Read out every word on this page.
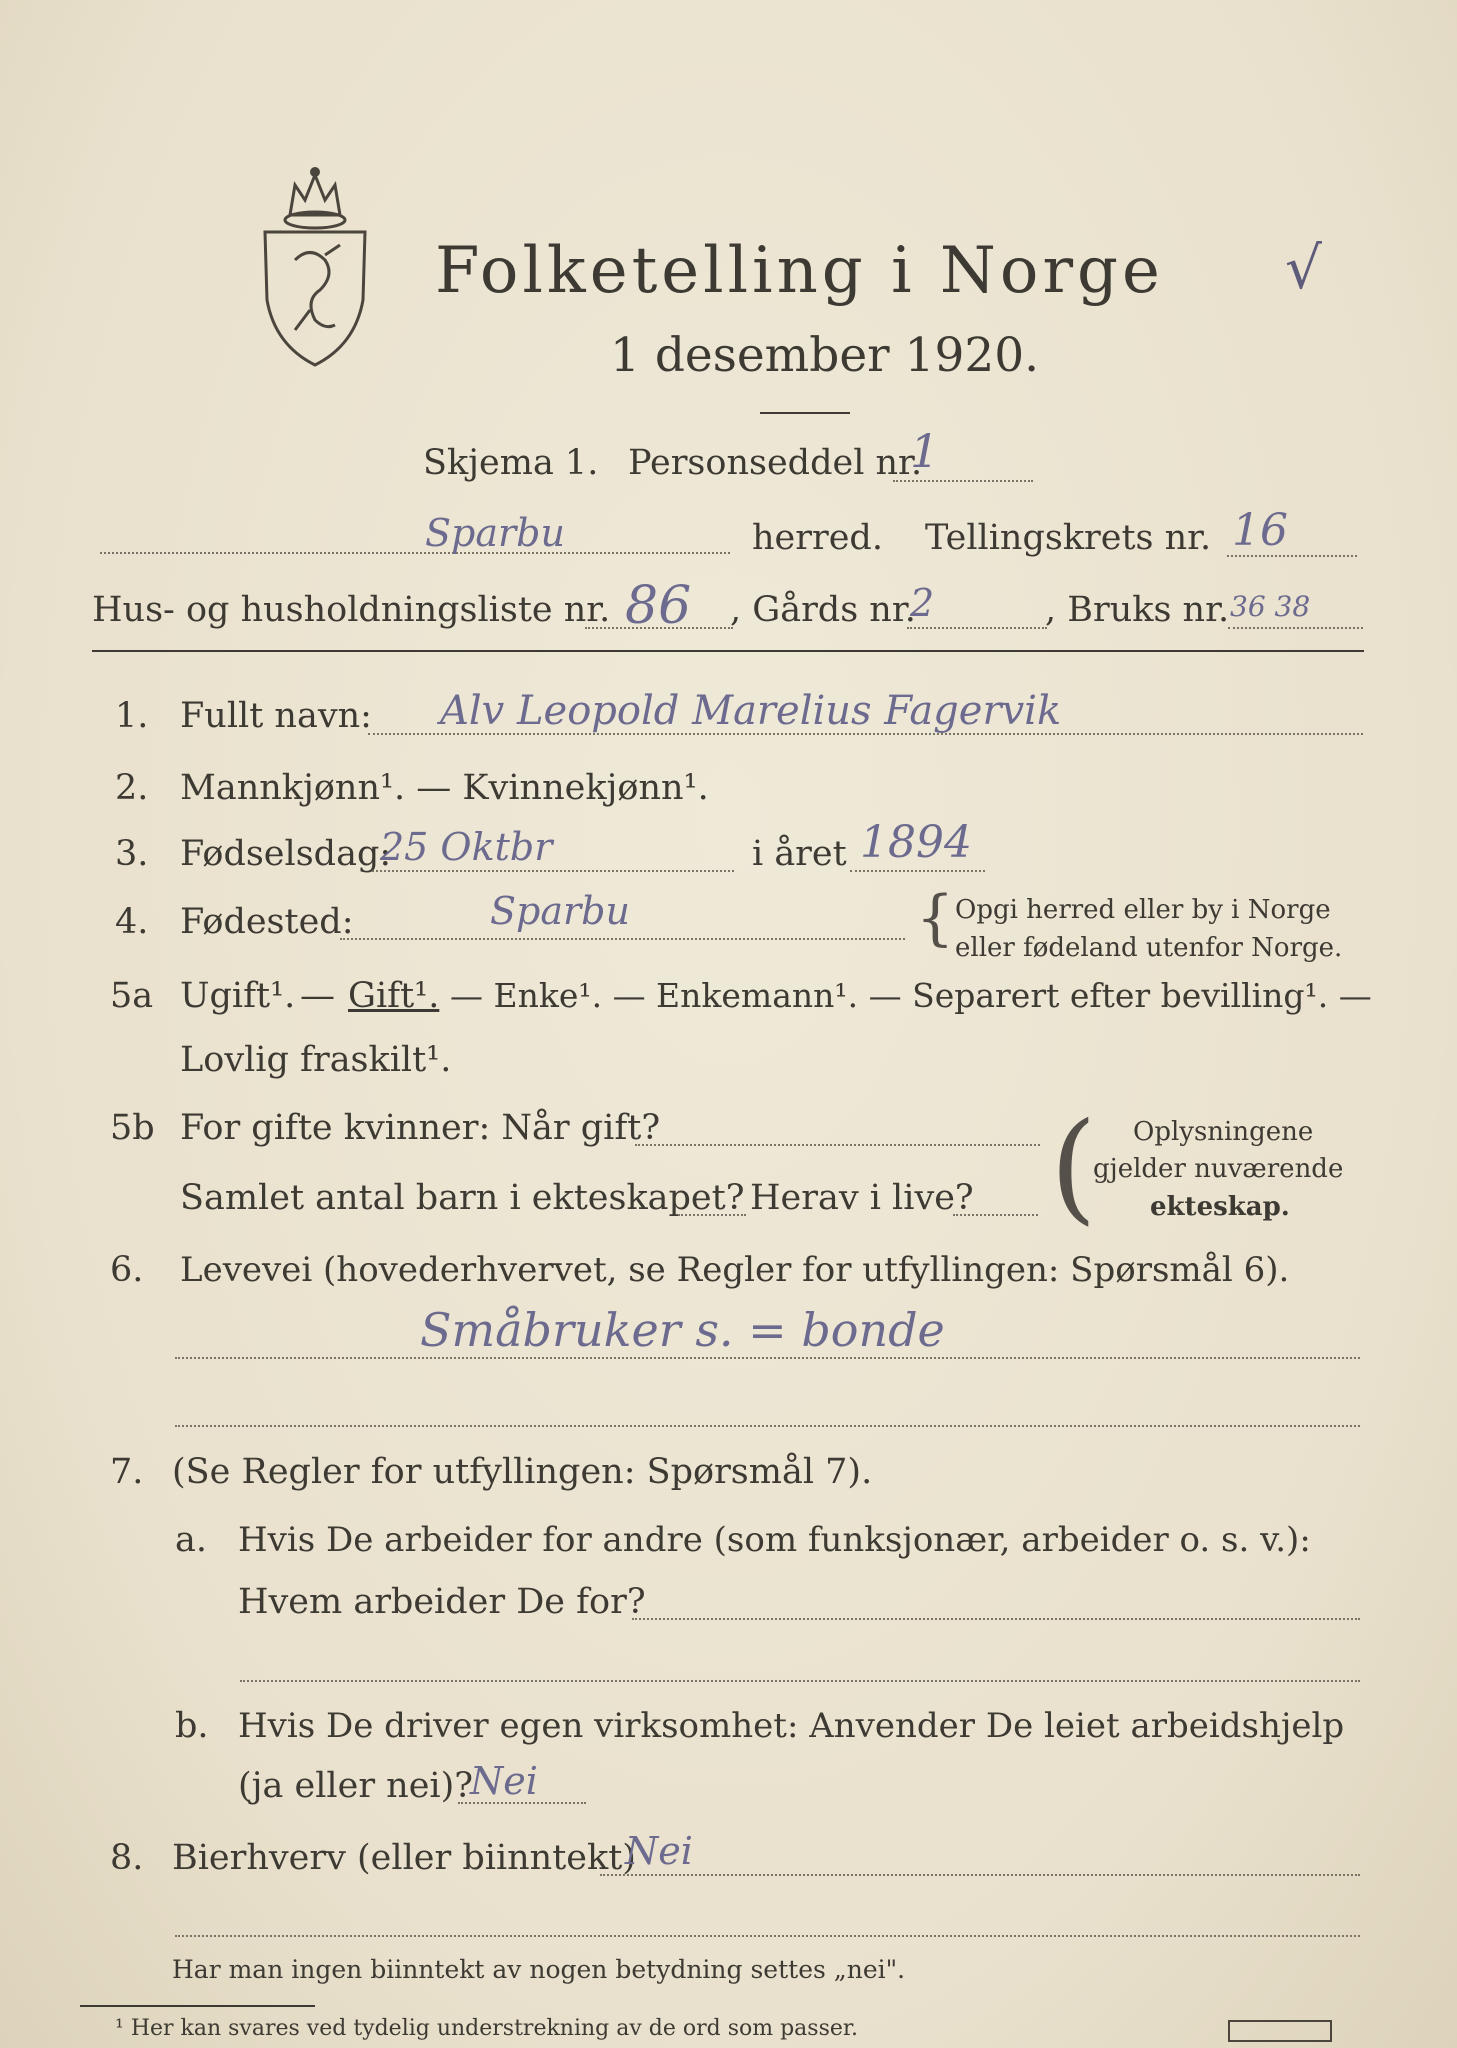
Folketelling i Norge √
1 desember 1920.
Skjema 1. Personseddel nr.
1
Sparbu	herred. Tellingskrets nr. 16
Hus- og husholdningsliste nr. 86 , Gårds nr.
2	, Bruks nr. 36 38
1. Fullt navn: Alv Leopold Marelius Fagervik
2. Mannkjønn¹. — Kvinnekjønn¹.
3. Fødselsdag:
25 Oktbr	i året 1894
4. Fødested:	Sparbu	{ Opgi herred eller by i Norge
eller fødeland utenfor Norge.
5a Ugift¹. — Gift¹. — Enke¹. — Enkemann¹. — Separert efter bevilling¹. —
Lovlig fraskilt¹.
5b For gifte kvinner: Når gift?
Samlet antal barn i ekteskapet? Herav i live? ( Oplysningene
gjelder nuværende
ekteskap.
6. Levevei (hovederhvervet, se Regler for utfyllingen: Spørsmål 6).
Småbruker s. = bonde
7. (Se Regler for utfyllingen: Spørsmål 7).
a. Hvis De arbeider for andre (som funksjonær, arbeider o. s. v.):
Hvem arbeider De for?
b. Hvis De driver egen virksomhet: Anvender De leiet arbeidshjelp
(ja eller nei)?
Nei
8. Bierhverv (eller biinntekt)
Nei
Har man ingen biinntekt av nogen betydning settes „nei".
¹ Her kan svares ved tydelig understrekning av de ord som passer.
